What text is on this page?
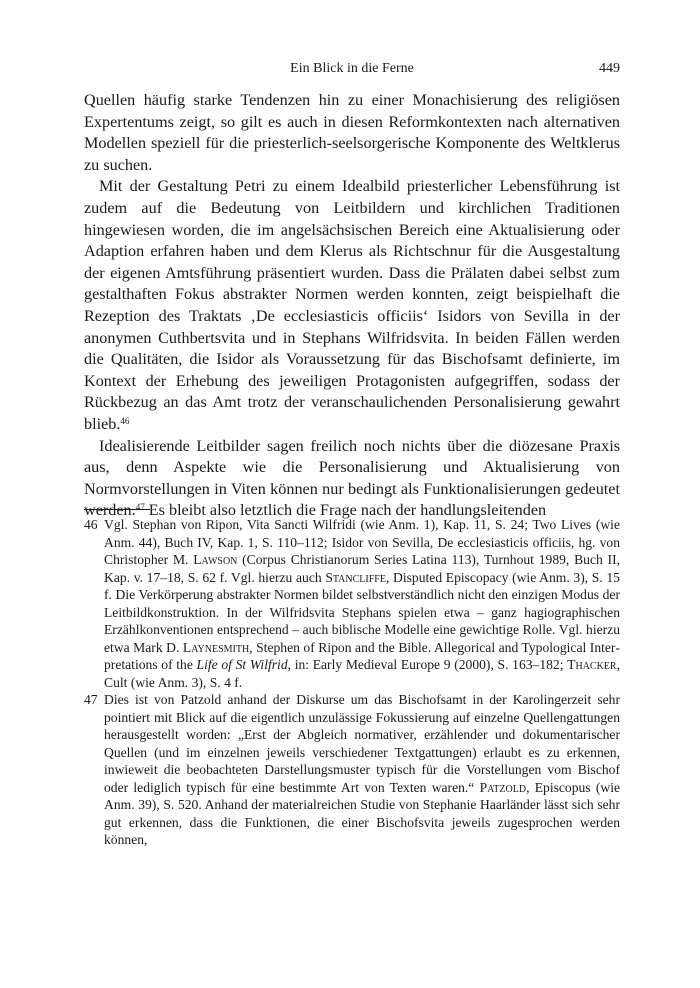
Ein Blick in die Ferne	449

Quellen häufig starke Tendenzen hin zu einer Monachisierung des religiösen Expertentums zeigt, so gilt es auch in diesen Reformkontexten nach alternativen Modellen speziell für die priesterlich-seelsorgerische Komponente des Weltklerus zu suchen.

Mit der Gestaltung Petri zu einem Idealbild priesterlicher Lebensführung ist zudem auf die Bedeutung von Leitbildern und kirchlichen Traditionen hingewiesen worden, die im angelsächsischen Bereich eine Aktualisierung oder Adaption erfahren haben und dem Klerus als Richtschnur für die Ausgestaltung der eigenen Amtsführung präsentiert wurden. Dass die Prälaten dabei selbst zum gestalthaften Fokus abstrakter Normen werden konnten, zeigt beispielhaft die Rezeption des Traktats ‚De ecclesiasticis officiis‘ Isidors von Sevilla in der anonymen Cuthbertsvita und in Stephans Wilfridsvita. In beiden Fällen werden die Qualitäten, die Isidor als Voraussetzung für das Bischofsamt definierte, im Kontext der Erhebung des jeweiligen Protagonisten aufgegriffen, sodass der Rückbezug an das Amt trotz der veranschaulichenden Personalisierung gewahrt blieb.$^{46}$

Idealisierende Leitbilder sagen freilich noch nichts über die diözesane Praxis aus, denn Aspekte wie die Personalisierung und Aktualisierung von Normvorstellungen in Viten können nur bedingt als Funktionalisierungen gedeutet werden.$^{47}$ Es bleibt also letztlich die Frage nach der handlungsleitenden

46 Vgl. Stephan von Ripon, Vita Sancti Wilfridi (wie Anm. 1), Kap. 11, S. 24; Two Lives (wie Anm. 44), Buch IV, Kap. 1, S. 110–112; Isidor von Sevilla, De ecclesiasticis officiis, hg. von Christopher M. Lawson (Corpus Christianorum Series Latina 113), Turnhout 1989, Buch II, Kap. v. 17–18, S. 62 f. Vgl. hierzu auch Stancliffe, Disputed Episcopacy (wie Anm. 3), S. 15 f. Die Verkörperung abstrakter Normen bildet selbstverständlich nicht den einzigen Modus der Leitbildkonstruktion. In der Wilfridsvita Stephans spielen etwa – ganz hagiographischen Erzählkonventionen entsprechend – auch biblische Modelle eine gewichtige Rolle. Vgl. hierzu etwa Mark D. Laynesmith, Stephen of Ripon and the Bible. Allegorical and Typological Interpretations of the Life of St Wilfrid, in: Early Medieval Europe 9 (2000), S. 163–182; Thacker, Cult (wie Anm. 3), S. 4 f.
47 Dies ist von Patzold anhand der Diskurse um das Bischofsamt in der Karolingerzeit sehr pointiert mit Blick auf die eigentlich unzulässige Fokussierung auf einzelne Quellengattungen herausgestellt worden: „Erst der Abgleich normativer, erzählender und dokumentarischer Quellen (und im einzelnen jeweils verschiedener Textgattungen) erlaubt es zu erkennen, inwieweit die beobachteten Darstellungsmuster typisch für die Vorstellungen vom Bischof oder lediglich typisch für eine bestimmte Art von Texten waren.“ Patzold, Episcopus (wie Anm. 39), S. 520. Anhand der materialreichen Studie von Stephanie Haarländer lässt sich sehr gut erkennen, dass die Funktionen, die einer Bischofsvita jeweils zugesprochen werden können,
